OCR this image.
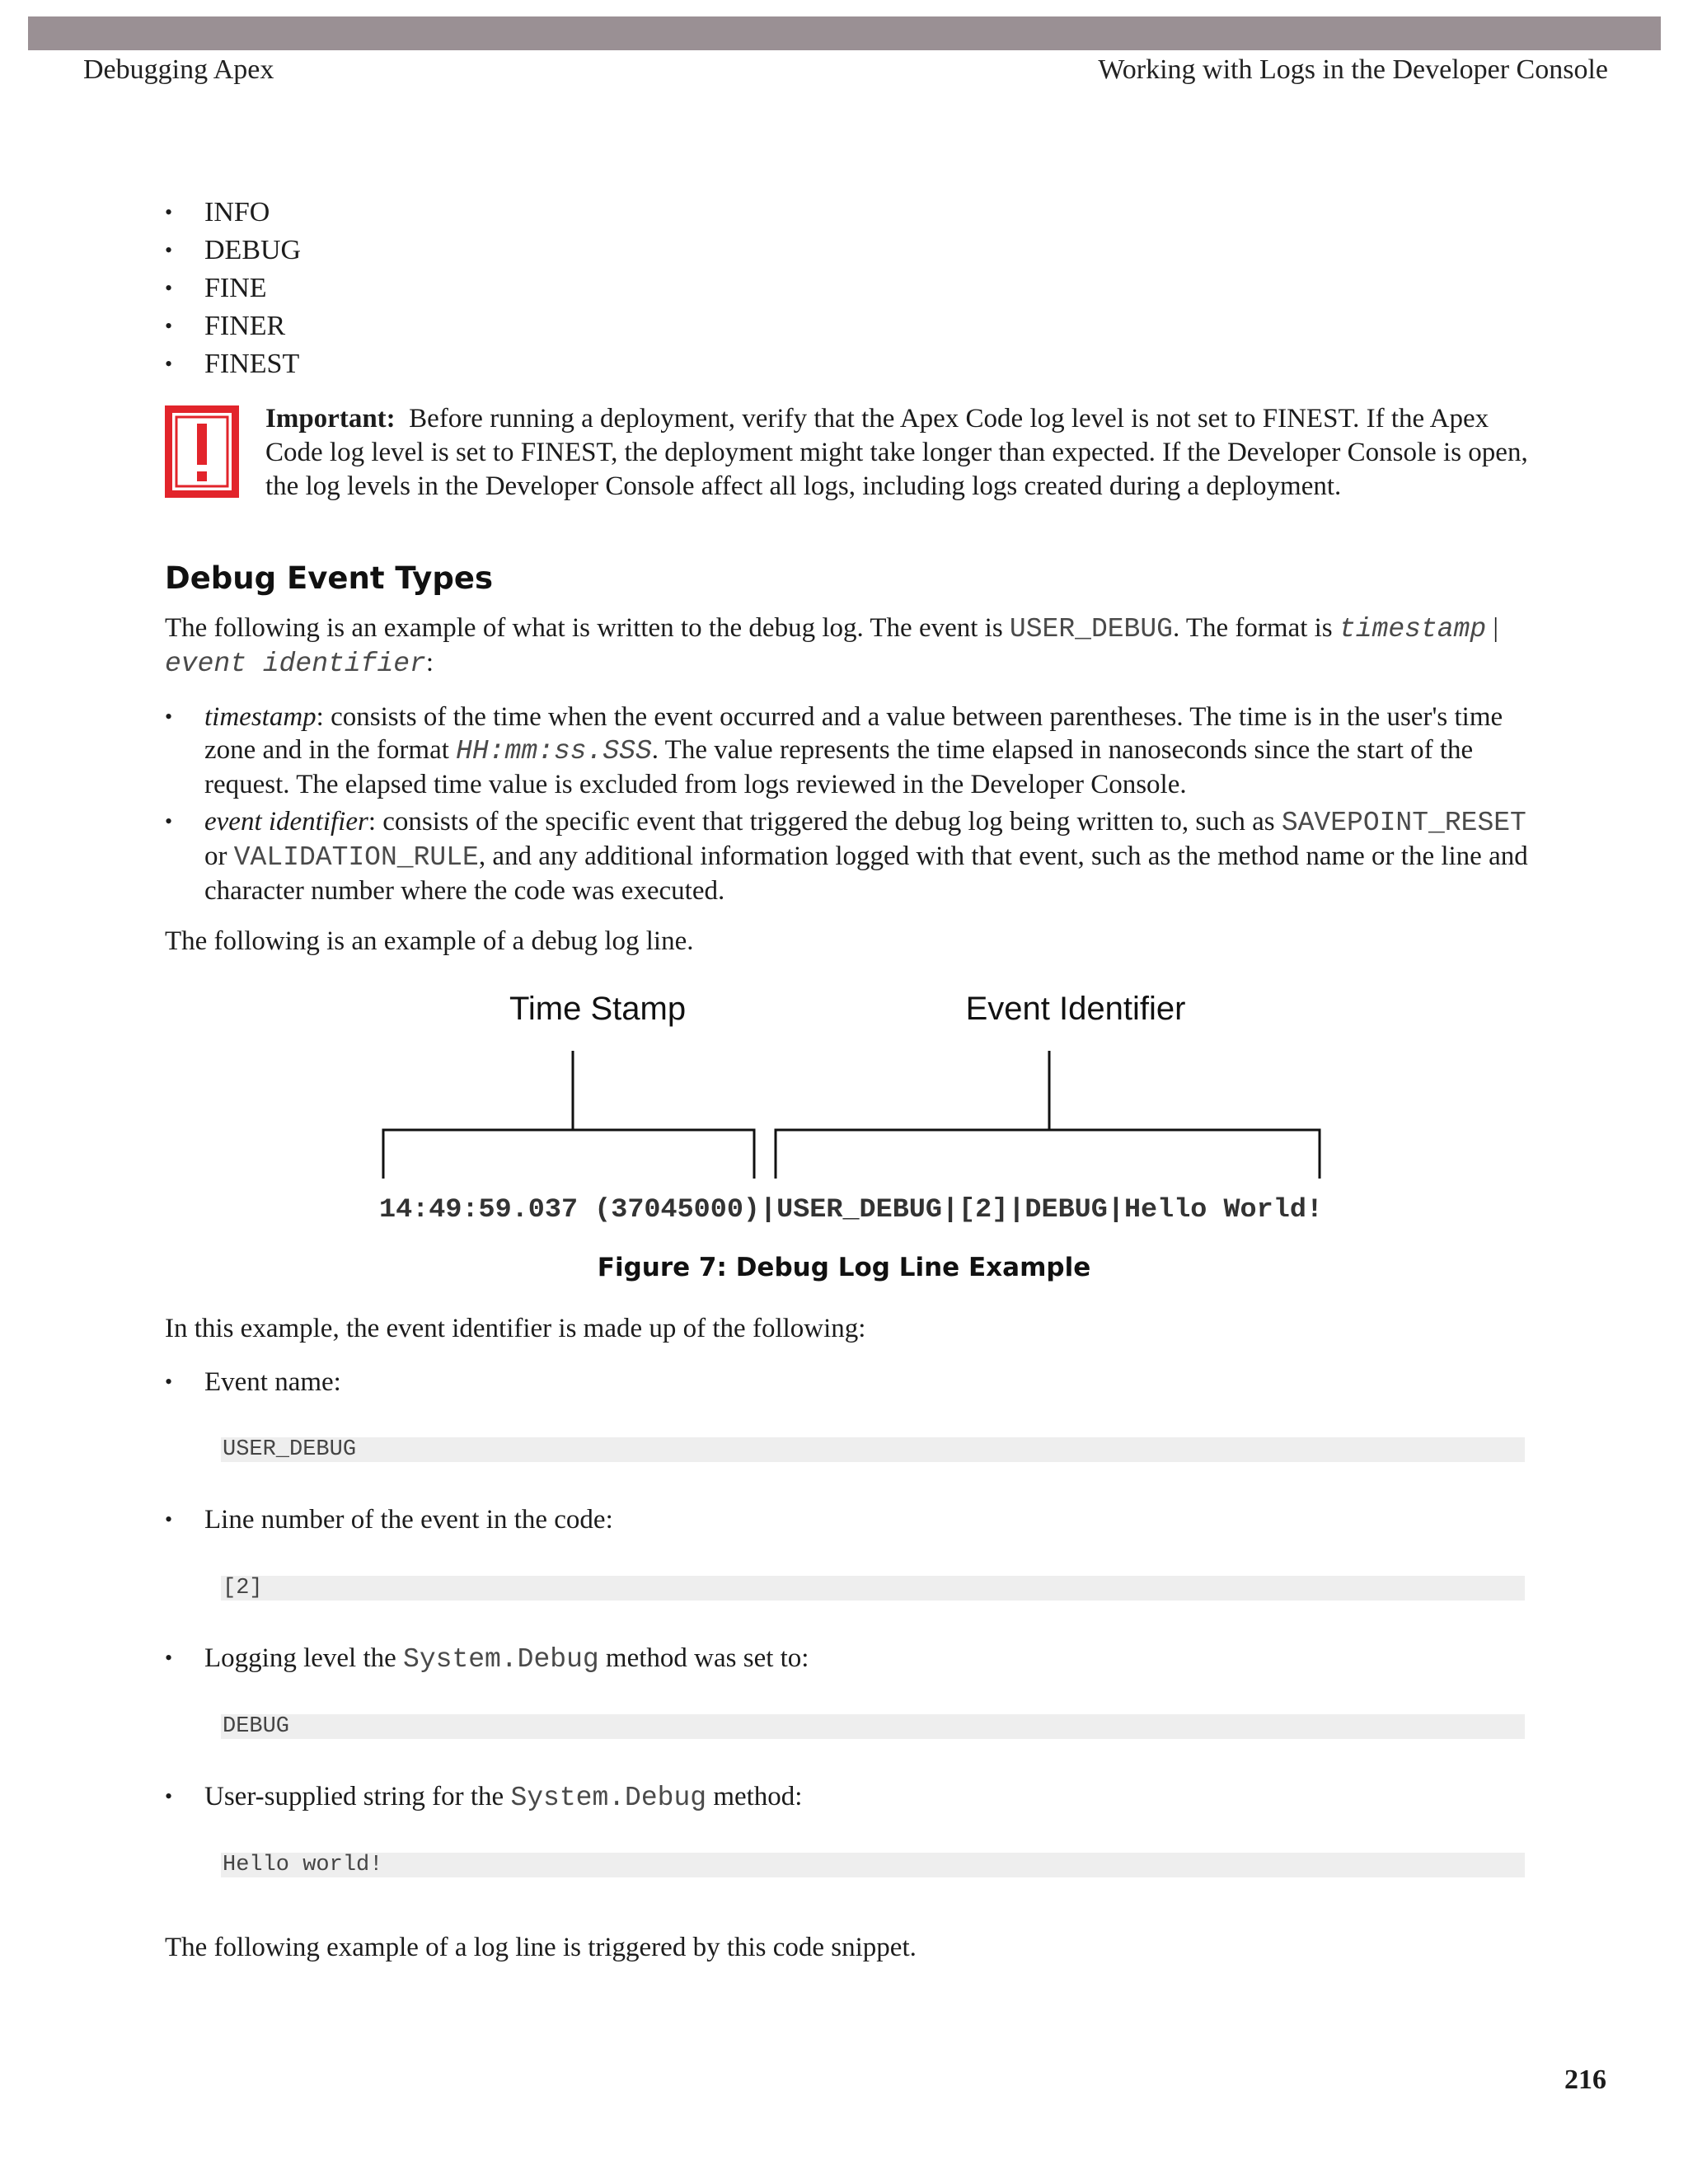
Debugging Apex	Working with Logs in the Developer Console
• INFO
• DEBUG
• FINE
• FINER
• FINEST
Important: Before running a deployment, verify that the Apex Code log level is not set to FINEST. If the Apex Code log level is set to FINEST, the deployment might take longer than expected. If the Developer Console is open, the log levels in the Developer Console affect all logs, including logs created during a deployment.
Debug Event Types
The following is an example of what is written to the debug log. The event is USER_DEBUG. The format is timestamp | event identifier:
• timestamp: consists of the time when the event occurred and a value between parentheses. The time is in the user's time zone and in the format HH:mm:ss.SSS. The value represents the time elapsed in nanoseconds since the start of the request. The elapsed time value is excluded from logs reviewed in the Developer Console.
• event identifier: consists of the specific event that triggered the debug log being written to, such as SAVEPOINT_RESET or VALIDATION_RULE, and any additional information logged with that event, such as the method name or the line and character number where the code was executed.
The following is an example of a debug log line.
Time Stamp	Event Identifier
14:49:59.037 (37045000)|USER_DEBUG|[2]|DEBUG|Hello World!
Figure 7: Debug Log Line Example
In this example, the event identifier is made up of the following:
• Event name:
USER_DEBUG
• Line number of the event in the code:
[2]
• Logging level the System.Debug method was set to:
DEBUG
• User-supplied string for the System.Debug method:
Hello world!
The following example of a log line is triggered by this code snippet.
216
